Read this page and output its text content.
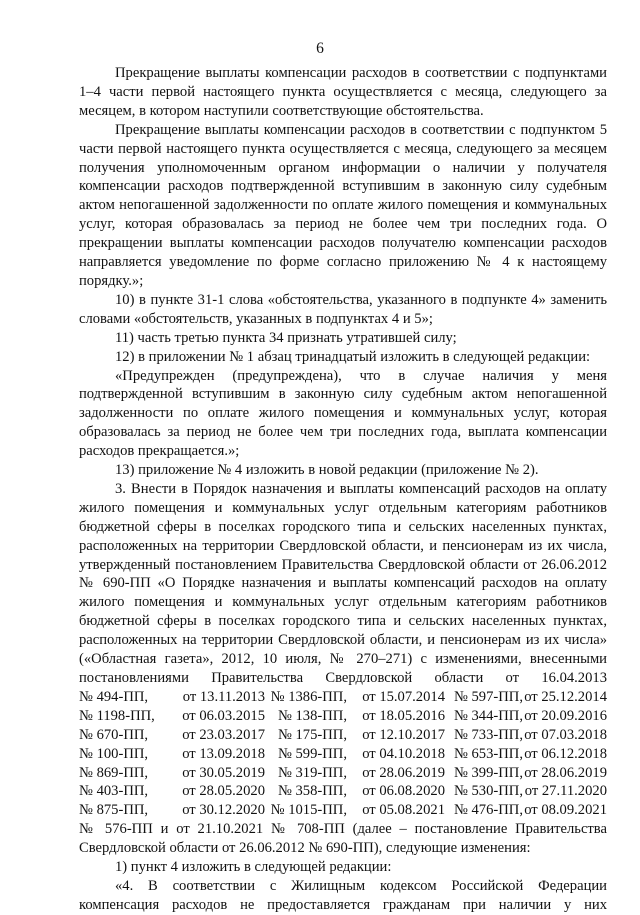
6

Прекращение выплаты компенсации расходов в соответствии с подпунктами 1–4 части первой настоящего пункта осуществляется с месяца, следующего за месяцем, в котором наступили соответствующие обстоятельства.

Прекращение выплаты компенсации расходов в соответствии с подпунктом 5 части первой настоящего пункта осуществляется с месяца, следующего за месяцем получения уполномоченным органом информации о наличии у получателя компенсации расходов подтвержденной вступившим в законную силу судебным актом непогашенной задолженности по оплате жилого помещения и коммунальных услуг, которая образовалась за период не более чем три последних года. О прекращении выплаты компенсации расходов получателю компенсации расходов направляется уведомление по форме согласно приложению № 4 к настоящему порядку.»;

10) в пункте 31-1 слова «обстоятельства, указанного в подпункте 4» заменить словами «обстоятельств, указанных в подпунктах 4 и 5»;

11) часть третью пункта 34 признать утратившей силу;

12) в приложении № 1 абзац тринадцатый изложить в следующей редакции:

«Предупрежден (предупреждена), что в случае наличия у меня подтвержденной вступившим в законную силу судебным актом непогашенной задолженности по оплате жилого помещения и коммунальных услуг, которая образовалась за период не более чем три последних года, выплата компенсации расходов прекращается.»;

13) приложение № 4 изложить в новой редакции (приложение № 2).

3. Внести в Порядок назначения и выплаты компенсаций расходов на оплату жилого помещения и коммунальных услуг отдельным категориям работников бюджетной сферы в поселках городского типа и сельских населенных пунктах, расположенных на территории Свердловской области, и пенсионерам из их числа, утвержденный постановлением Правительства Свердловской области от 26.06.2012 № 690-ПП «О Порядке назначения и выплаты компенсаций расходов на оплату жилого помещения и коммунальных услуг отдельным категориям работников бюджетной сферы в поселках городского типа и сельских населенных пунктах, расположенных на территории Свердловской области, и пенсионерам из их числа» («Областная газета», 2012, 10 июля, № 270–271) с изменениями, внесенными постановлениями Правительства Свердловской области от 16.04.2013

№ 494-ПП,	от 13.11.2013	№ 1386-ПП,	от 15.07.2014	№ 597-ПП,	от 25.12.2014
№ 1198-ПП,	от 06.03.2015	№ 138-ПП,	от 18.05.2016	№ 344-ПП,	от 20.09.2016
№ 670-ПП,	от 23.03.2017	№ 175-ПП,	от 12.10.2017	№ 733-ПП,	от 07.03.2018
№ 100-ПП,	от 13.09.2018	№ 599-ПП,	от 04.10.2018	№ 653-ПП,	от 06.12.2018
№ 869-ПП,	от 30.05.2019	№ 319-ПП,	от 28.06.2019	№ 399-ПП,	от 28.06.2019
№ 403-ПП,	от 28.05.2020	№ 358-ПП,	от 06.08.2020	№ 530-ПП,	от 27.11.2020
№ 875-ПП,	от 30.12.2020	№ 1015-ПП,	от 05.08.2021	№ 476-ПП,	от 08.09.2021

№ 576-ПП и от 21.10.2021 № 708-ПП (далее – постановление Правительства Свердловской области от 26.06.2012 № 690-ПП), следующие изменения:

1) пункт 4 изложить в следующей редакции:

«4. В соответствии с Жилищным кодексом Российской Федерации компенсация расходов не предоставляется гражданам при наличии у них
